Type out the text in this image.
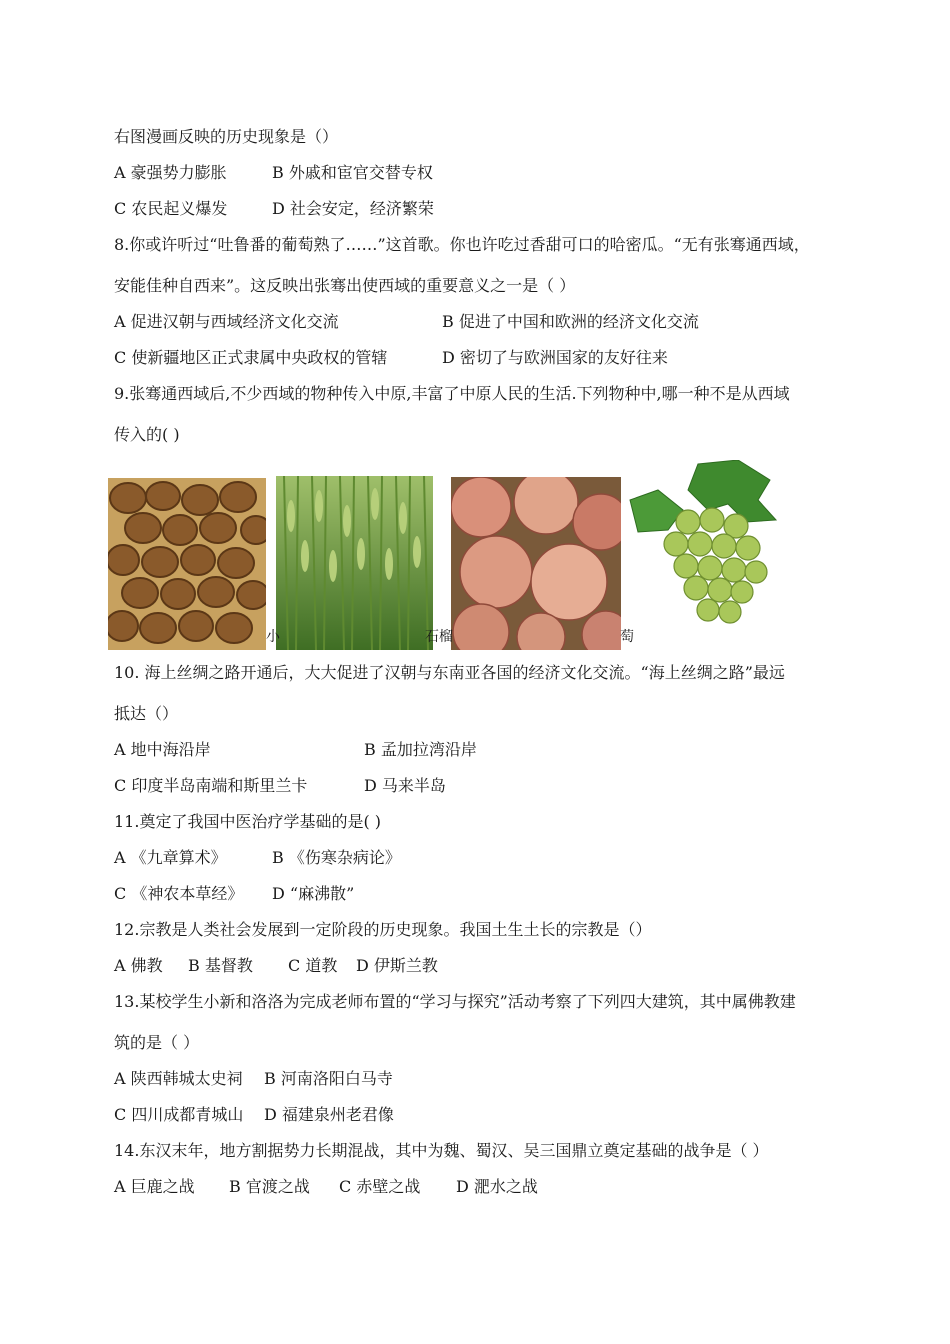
右图漫画反映的历史现象是（）
A 豪强势力膨胀	B 外戚和宦官交替专权
C 农民起义爆发	D 社会安定，经济繁荣
8.你或许听过“吐鲁番的葡萄熟了……”这首歌。你也许吃过香甜可口的哈密瓜。“无有张骞通西域，
安能佳种自西来”。这反映出张骞出使西域的重要意义之一是（ ）
A 促进汉朝与西域经济文化交流	B 促进了中国和欧洲的经济文化交流
C 使新疆地区正式隶属中央政权的管辖	D 密切了与欧洲国家的友好往来
9.张骞通西域后,不少西域的物种传入中原,丰富了中原人民的生活.下列物种中,哪一种不是从西域
传入的( )
小	石榴	萄
10. 海上丝绸之路开通后，大大促进了汉朝与东南亚各国的经济文化交流。“海上丝绸之路”最远
抵达（）
A 地中海沿岸	B 孟加拉湾沿岸
C 印度半岛南端和斯里兰卡	D 马来半岛
11.奠定了我国中医治疗学基础的是( )
A 《九章算术》	B 《伤寒杂病论》
C 《神农本草经》 D “麻沸散”
12.宗教是人类社会发展到一定阶段的历史现象。我国土生土长的宗教是（）
A 佛教 B 基督教 C 道教 D 伊斯兰教
13.某校学生小新和洛洛为完成老师布置的“学习与探究”活动考察了下列四大建筑，其中属佛教建
筑的是（ ）
A 陕西韩城太史祠 B 河南洛阳白马寺
C 四川成都青城山 D 福建泉州老君像
14.东汉末年，地方割据势力长期混战，其中为魏、蜀汉、吴三国鼎立奠定基础的战争是（ ）
A 巨鹿之战 B 官渡之战 C 赤壁之战 D 淝水之战
